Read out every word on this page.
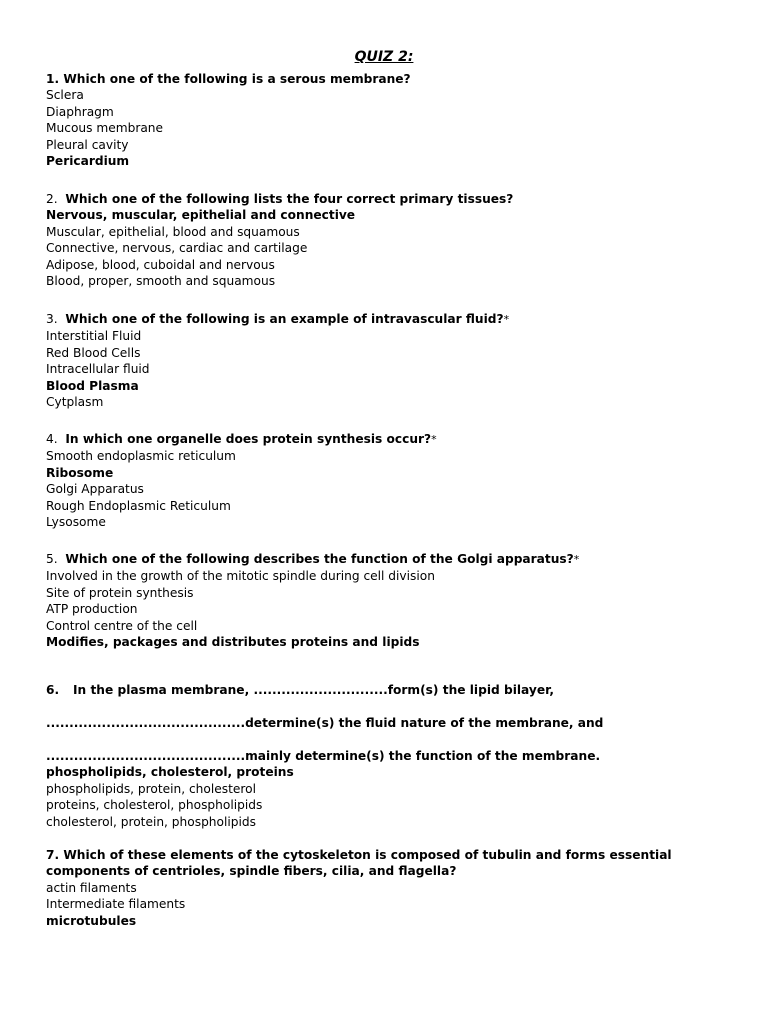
QUIZ 2:
1. Which one of the following is a serous membrane?
Sclera
Diaphragm
Mucous membrane
Pleural cavity
Pericardium
2. Which one of the following lists the four correct primary tissues?
Nervous, muscular, epithelial and connective
Muscular, epithelial, blood and squamous
Connective, nervous, cardiac and cartilage
Adipose, blood, cuboidal and nervous
Blood, proper, smooth and squamous
3. Which one of the following is an example of intravascular fluid?*
Interstitial Fluid
Red Blood Cells
Intracellular fluid
Blood Plasma
Cytplasm
4. In which one organelle does protein synthesis occur?*
Smooth endoplasmic reticulum
Ribosome
Golgi Apparatus
Rough Endoplasmic Reticulum
Lysosome
5. Which one of the following describes the function of the Golgi apparatus?*
Involved in the growth of the mitotic spindle during cell division
Site of protein synthesis
ATP production
Control centre of the cell
Modifies, packages and distributes proteins and lipids
6. In the plasma membrane, .............................form(s) the lipid bilayer,
...........................................determine(s) the fluid nature of the membrane, and
...........................................mainly determine(s) the function of the membrane.
phospholipids, cholesterol, proteins
phospholipids, protein, cholesterol
proteins, cholesterol, phospholipids
cholesterol, protein, phospholipids
7. Which of these elements of the cytoskeleton is composed of tubulin and forms essential components of centrioles, spindle fibers, cilia, and flagella?
actin filaments
Intermediate filaments
microtubules
